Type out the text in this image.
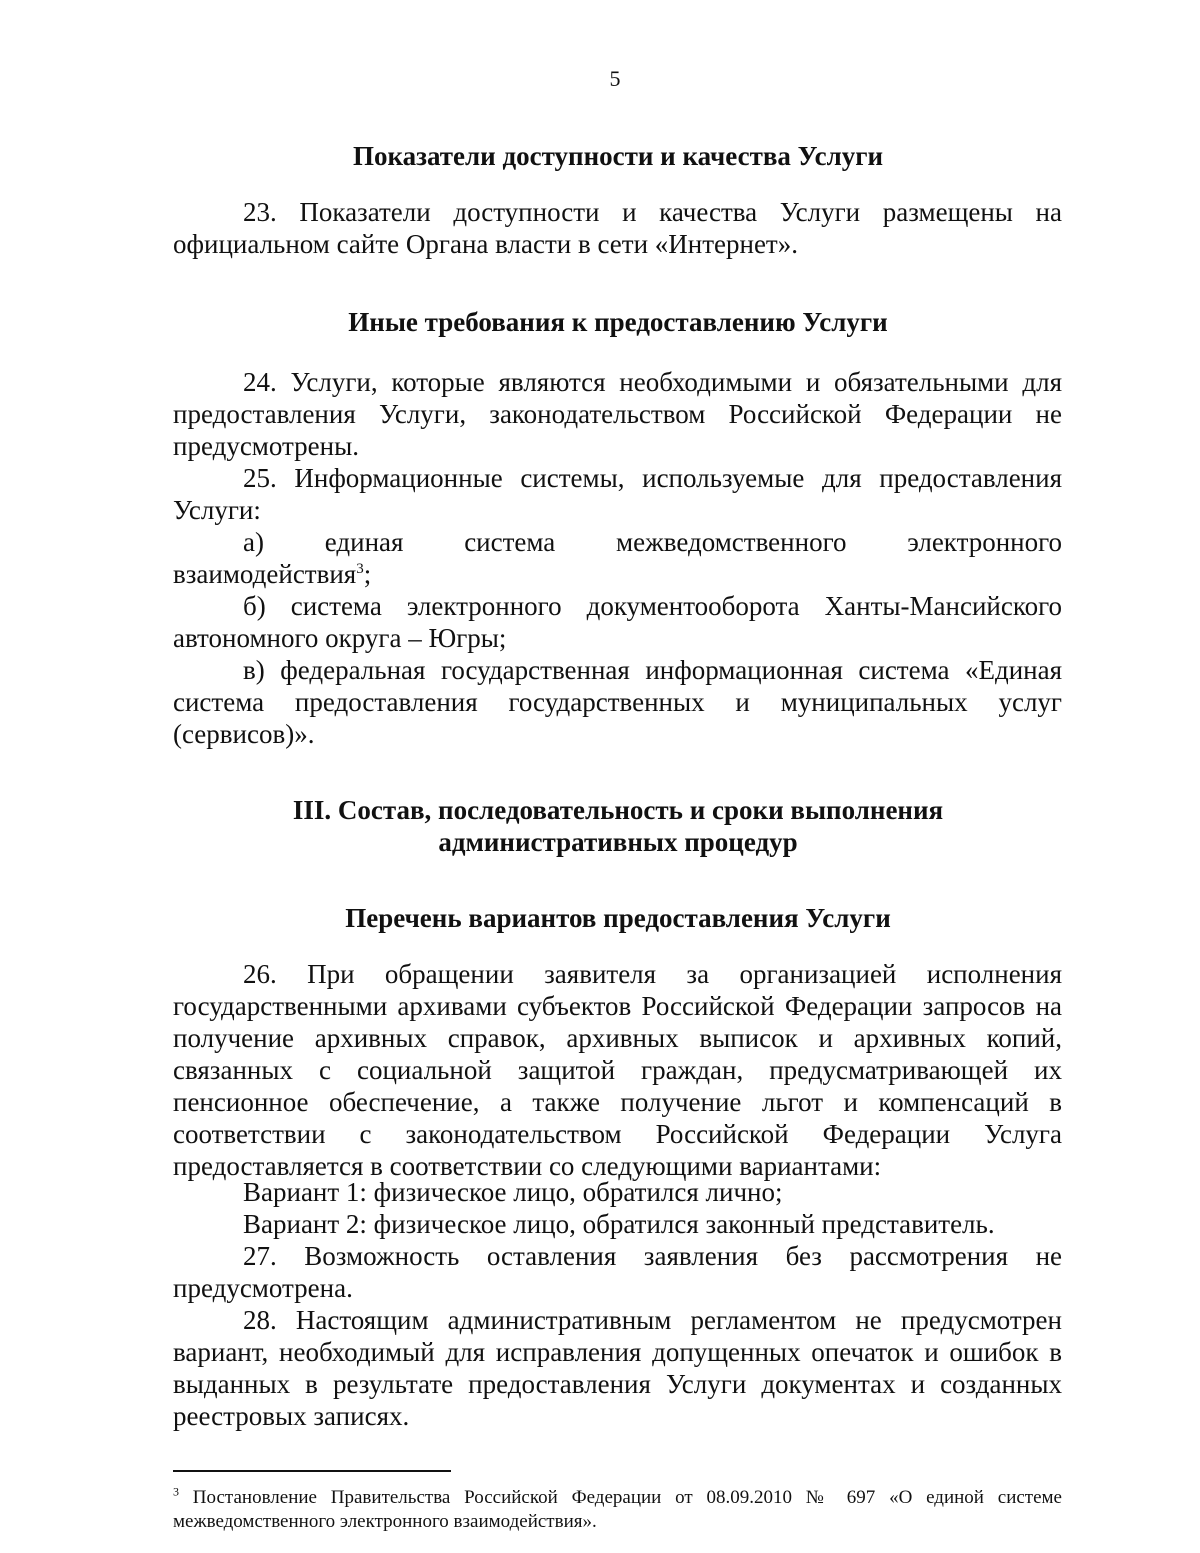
5
Показатели доступности и качества Услуги
23. Показатели доступности и качества Услуги размещены на
официальном сайте Органа власти в сети «Интернет».
Иные требования к предоставлению Услуги
24. Услуги, которые являются необходимыми и обязательными для
предоставления Услуги, законодательством Российской Федерации не
предусмотрены.
25. Информационные системы, используемые для предоставления
Услуги:
а) единая система межведомственного электронного
взаимодействия$^3$;
б) система электронного документооборота Ханты-Мансийского
автономного округа – Югры;
в) федеральная государственная информационная система «Единая
система предоставления государственных и муниципальных услуг
(сервисов)».
III. Состав, последовательность и сроки выполнения
административных процедур
Перечень вариантов предоставления Услуги
26. При обращении заявителя за организацией исполнения
государственными архивами субъектов Российской Федерации запросов на
получение архивных справок, архивных выписок и архивных копий,
связанных с социальной защитой граждан, предусматривающей их
пенсионное обеспечение, а также получение льгот и компенсаций в
соответствии с законодательством Российской Федерации Услуга
предоставляется в соответствии со следующими вариантами:
Вариант 1: физическое лицо, обратился лично;
Вариант 2: физическое лицо, обратился законный представитель.
27. Возможность оставления заявления без рассмотрения не
предусмотрена.
28. Настоящим административным регламентом не предусмотрен
вариант, необходимый для исправления допущенных опечаток и ошибок в
выданных в результате предоставления Услуги документах и созданных
реестровых записях.
$^3$ Постановление Правительства Российской Федерации от 08.09.2010 № 697 «О единой системе
межведомственного электронного взаимодействия».
